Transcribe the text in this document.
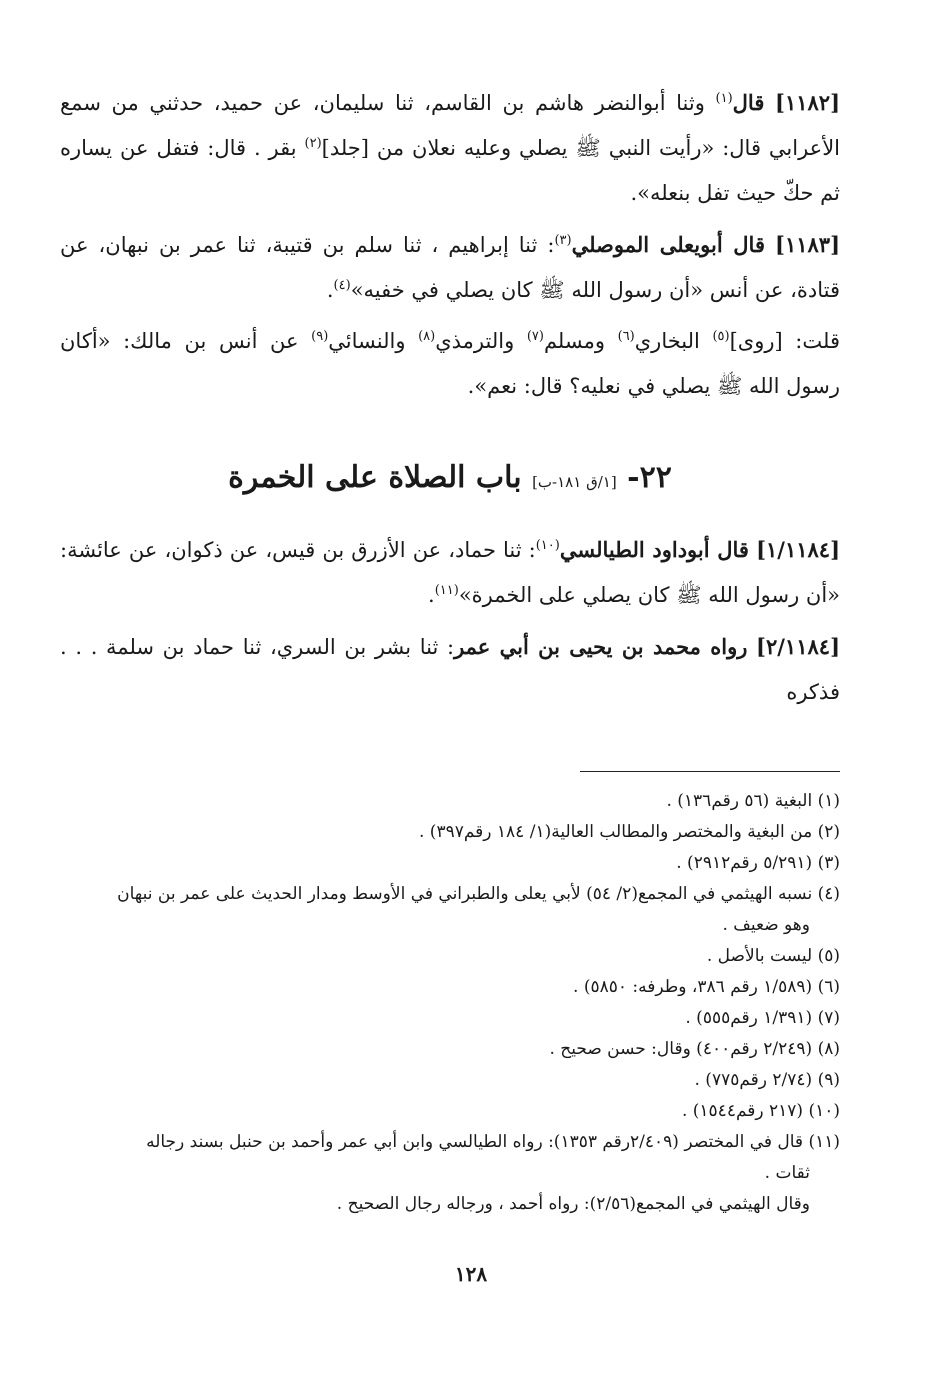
[١١٨٢] قال$^{(١)}$ وثنا أبوالنضر هاشم بن القاسم، ثنا سليمان، عن حميد، حدثني من سمع الأعرابي قال: «رأيت النبي ﷺ يصلي وعليه نعلان من [جلد]$^{(٢)}$ بقر . قال: فتفل عن يساره ثم حكّ حيث تفل بنعله».

[١١٨٣] قال أبويعلى الموصلي$^{(٣)}$: ثنا إبراهيم ، ثنا سلم بن قتيبة، ثنا عمر بن نبهان، عن قتادة، عن أنس «أن رسول الله ﷺ كان يصلي في خفيه»$^{(٤)}$.

قلت: [روى]$^{(٥)}$ البخاري$^{(٦)}$ ومسلم$^{(٧)}$ والترمذي$^{(٨)}$ والنسائي$^{(٩)}$ عن أنس بن مالك: «أكان رسول الله ﷺ يصلي في نعليه؟ قال: نعم».

٢٢- [١/ق ١٨١-ب] باب الصلاة على الخمرة

[١/١١٨٤] قال أبوداود الطيالسي$^{(١٠)}$: ثنا حماد، عن الأزرق بن قيس، عن ذكوان، عن عائشة: «أن رسول الله ﷺ كان يصلي على الخمرة»$^{(١١)}$.

[٢/١١٨٤] رواه محمد بن يحيى بن أبي عمر: ثنا بشر بن السري، ثنا حماد بن سلمة . . . فذكره

(١) البغية (٥٦ رقم١٣٦) .
(٢) من البغية والمختصر والمطالب العالية(١/ ١٨٤ رقم٣٩٧) .
(٣) (٥/٢٩١ رقم٢٩١٢) .
(٤) نسبه الهيثمي في المجمع(٢/ ٥٤) لأبي يعلى والطبراني في الأوسط ومدار الحديث على عمر بن نبهان
وهو ضعيف .
(٥) ليست بالأصل .
(٦) (١/٥٨٩ رقم ٣٨٦، وطرفه: ٥٨٥٠) .
(٧) (١/٣٩١ رقم٥٥٥) .
(٨) (٢/٢٤٩ رقم٤٠٠) وقال: حسن صحيح .
(٩) (٢/٧٤ رقم٧٧٥) .
(١٠) (٢١٧ رقم١٥٤٤) .
(١١) قال في المختصر (٢/٤٠٩رقم ١٣٥٣): رواه الطيالسي وابن أبي عمر وأحمد بن حنبل بسند رجاله
ثقات .
وقال الهيثمي في المجمع(٢/٥٦): رواه أحمد ، ورجاله رجال الصحيح .
١٢٨
